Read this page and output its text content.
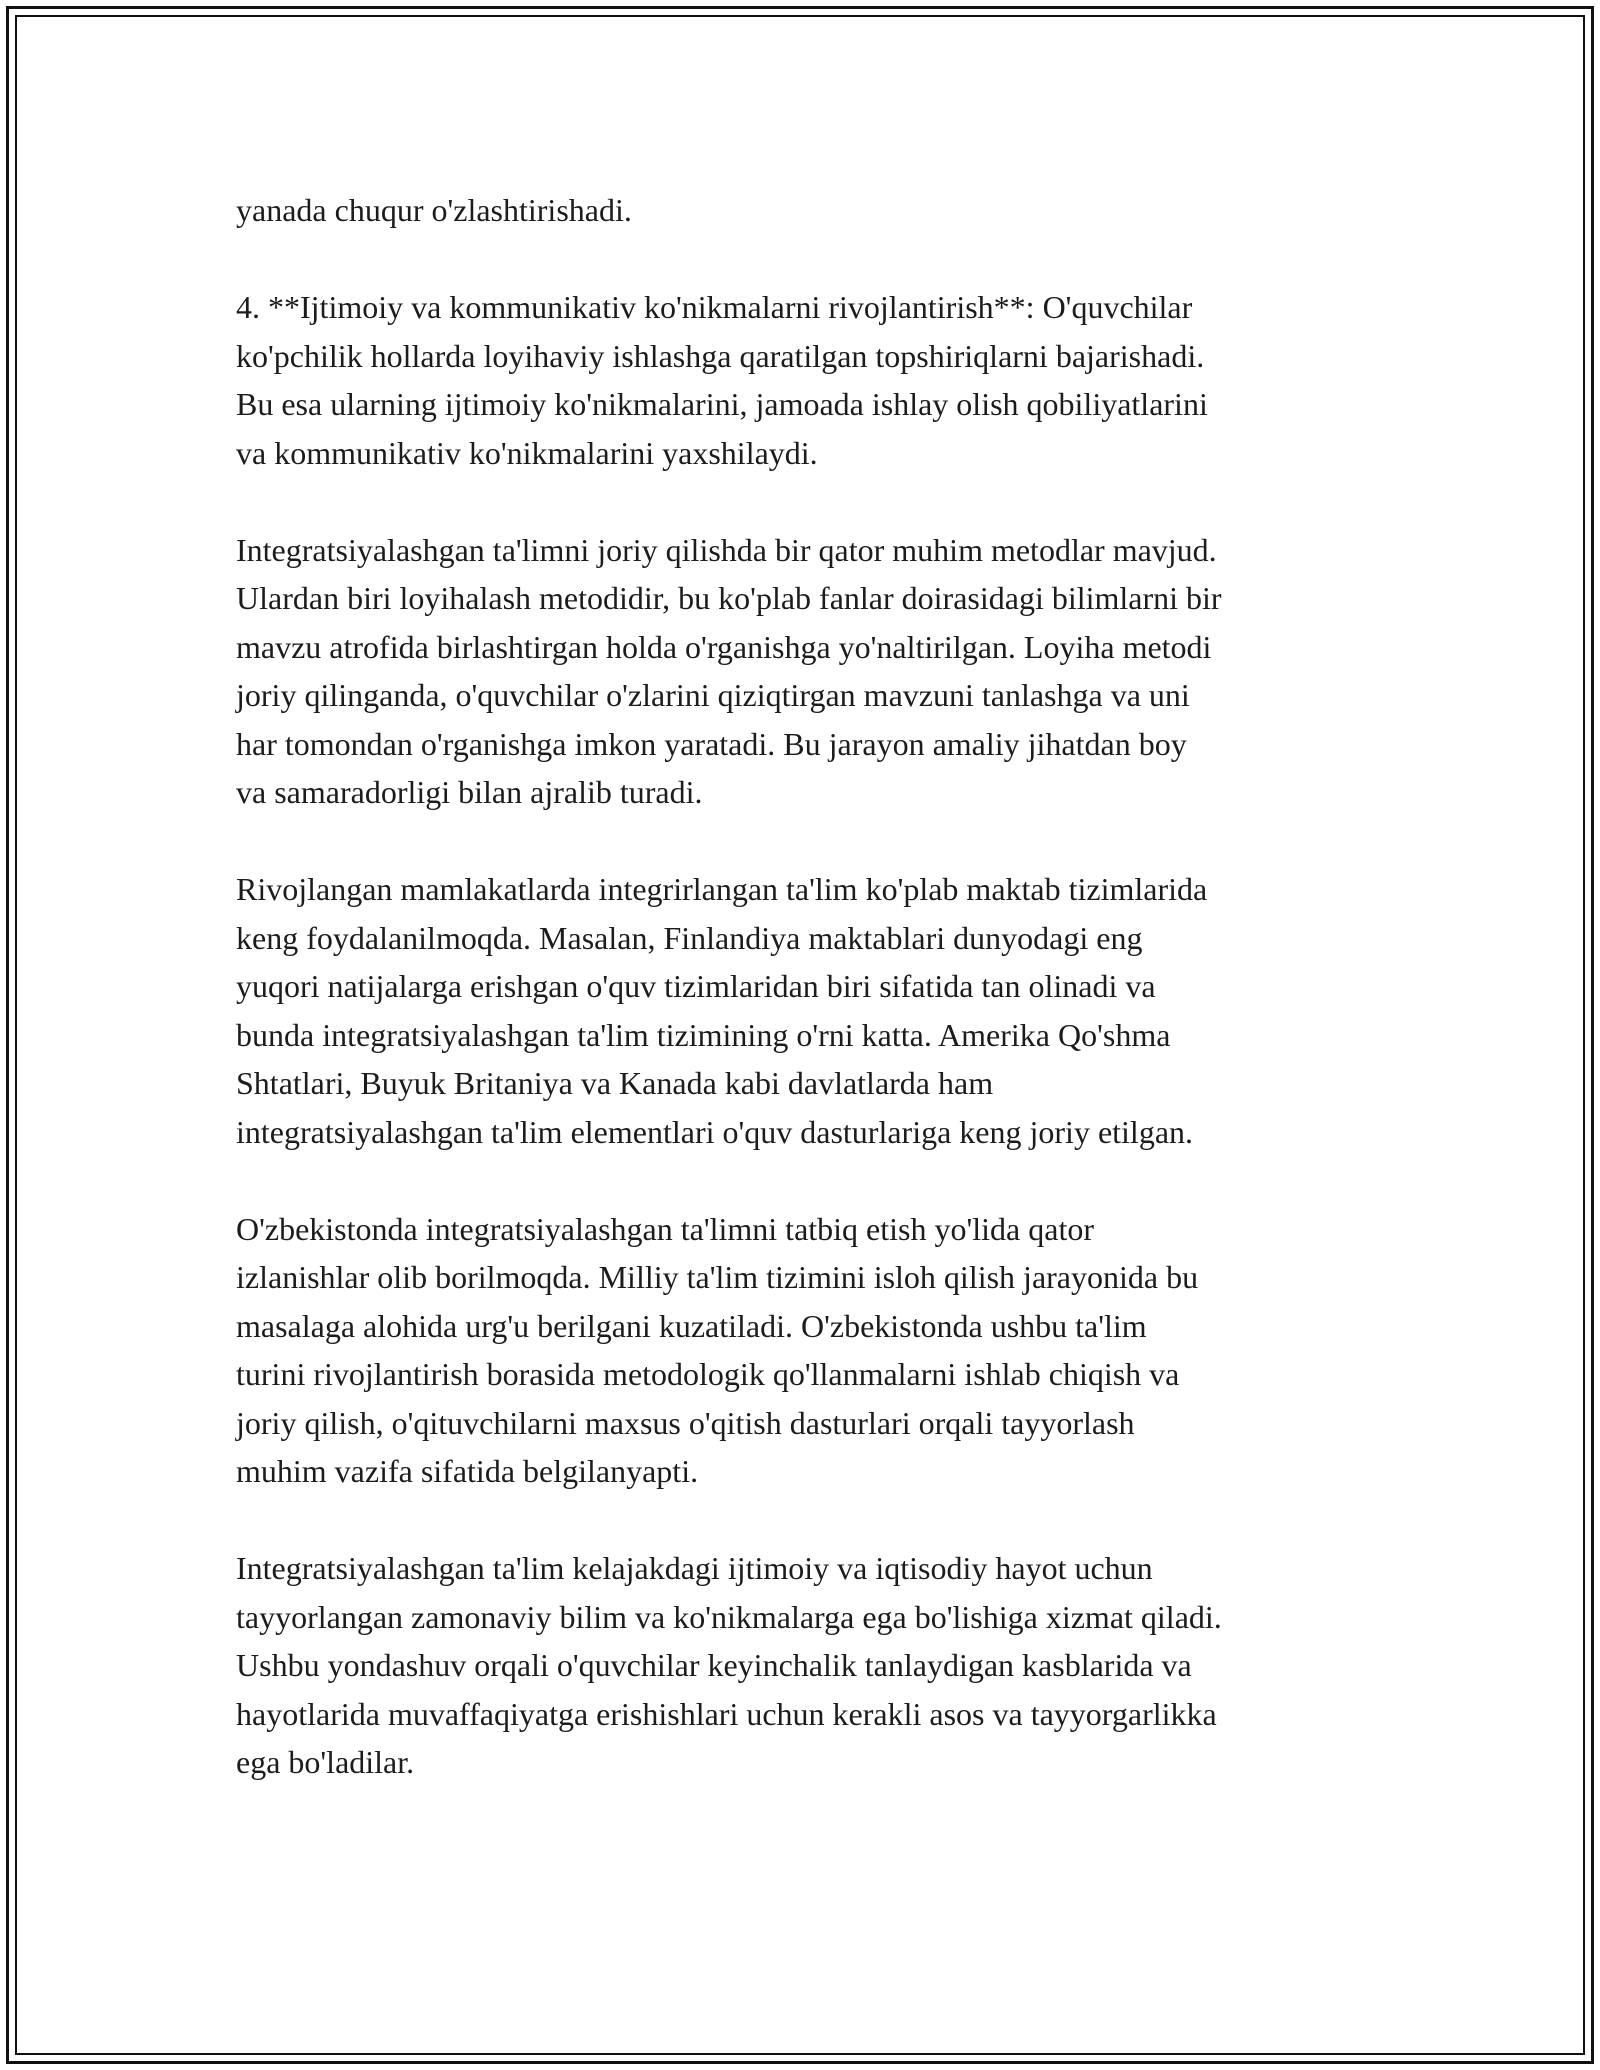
yanada chuqur o'zlashtirishadi.
4. **Ijtimoiy va kommunikativ ko'nikmalarni rivojlantirish**: O'quvchilar
ko'pchilik hollarda loyihaviy ishlashga qaratilgan topshiriqlarni bajarishadi.
Bu esa ularning ijtimoiy ko'nikmalarini, jamoada ishlay olish qobiliyatlarini
va kommunikativ ko'nikmalarini yaxshilaydi.
Integratsiyalashgan ta'limni joriy qilishda bir qator muhim metodlar mavjud.
Ulardan biri loyihalash metodidir, bu ko'plab fanlar doirasidagi bilimlarni bir
mavzu atrofida birlashtirgan holda o'rganishga yo'naltirilgan. Loyiha metodi
joriy qilinganda, o'quvchilar o'zlarini qiziqtirgan mavzuni tanlashga va uni
har tomondan o'rganishga imkon yaratadi. Bu jarayon amaliy jihatdan boy
va samaradorligi bilan ajralib turadi.
Rivojlangan mamlakatlarda integrirlangan ta'lim ko'plab maktab tizimlarida
keng foydalanilmoqda. Masalan, Finlandiya maktablari dunyodagi eng
yuqori natijalarga erishgan o'quv tizimlaridan biri sifatida tan olinadi va
bunda integratsiyalashgan ta'lim tizimining o'rni katta. Amerika Qo'shma
Shtatlari, Buyuk Britaniya va Kanada kabi davlatlarda ham
integratsiyalashgan ta'lim elementlari o'quv dasturlariga keng joriy etilgan.
O'zbekistonda integratsiyalashgan ta'limni tatbiq etish yo'lida qator
izlanishlar olib borilmoqda. Milliy ta'lim tizimini isloh qilish jarayonida bu
masalaga alohida urg'u berilgani kuzatiladi. O'zbekistonda ushbu ta'lim
turini rivojlantirish borasida metodologik qo'llanmalarni ishlab chiqish va
joriy qilish, o'qituvchilarni maxsus o'qitish dasturlari orqali tayyorlash
muhim vazifa sifatida belgilanyapti.
Integratsiyalashgan ta'lim kelajakdagi ijtimoiy va iqtisodiy hayot uchun
tayyorlangan zamonaviy bilim va ko'nikmalarga ega bo'lishiga xizmat qiladi.
Ushbu yondashuv orqali o'quvchilar keyinchalik tanlaydigan kasblarida va
hayotlarida muvaffaqiyatga erishishlari uchun kerakli asos va tayyorgarlikka
ega bo'ladilar.
